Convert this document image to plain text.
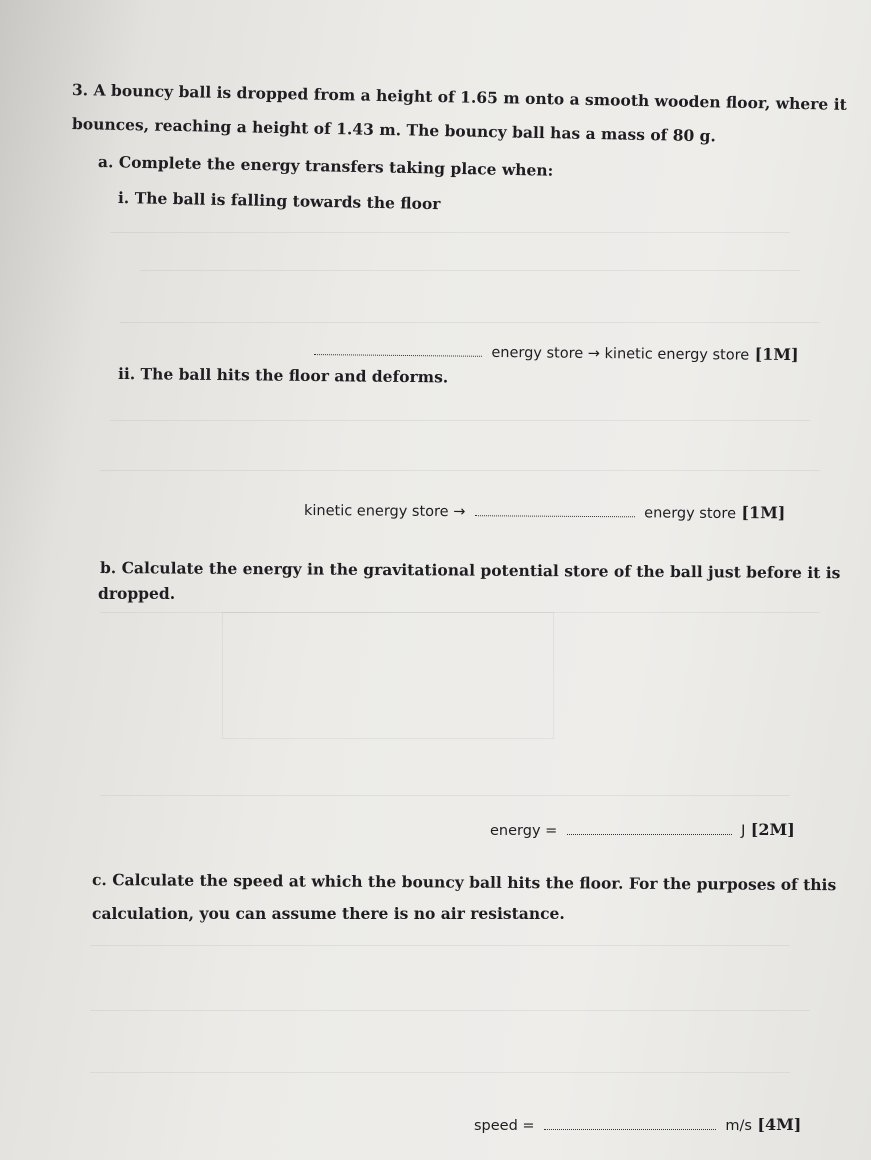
3. A bouncy ball is dropped from a height of 1.65 m onto a smooth wooden floor, where it
bounces, reaching a height of 1.43 m. The bouncy ball has a mass of 80 g.
a. Complete the energy transfers taking place when:
i. The ball is falling towards the floor
energy store → kinetic energy store [1M]
ii. The ball hits the floor and deforms.
kinetic energy store →	energy store [1M]
b. Calculate the energy in the gravitational potential store of the ball just before it is
dropped.
energy =	J [2M]
c. Calculate the speed at which the bouncy ball hits the floor. For the purposes of this
calculation, you can assume there is no air resistance.
speed =	m/s [4M]
